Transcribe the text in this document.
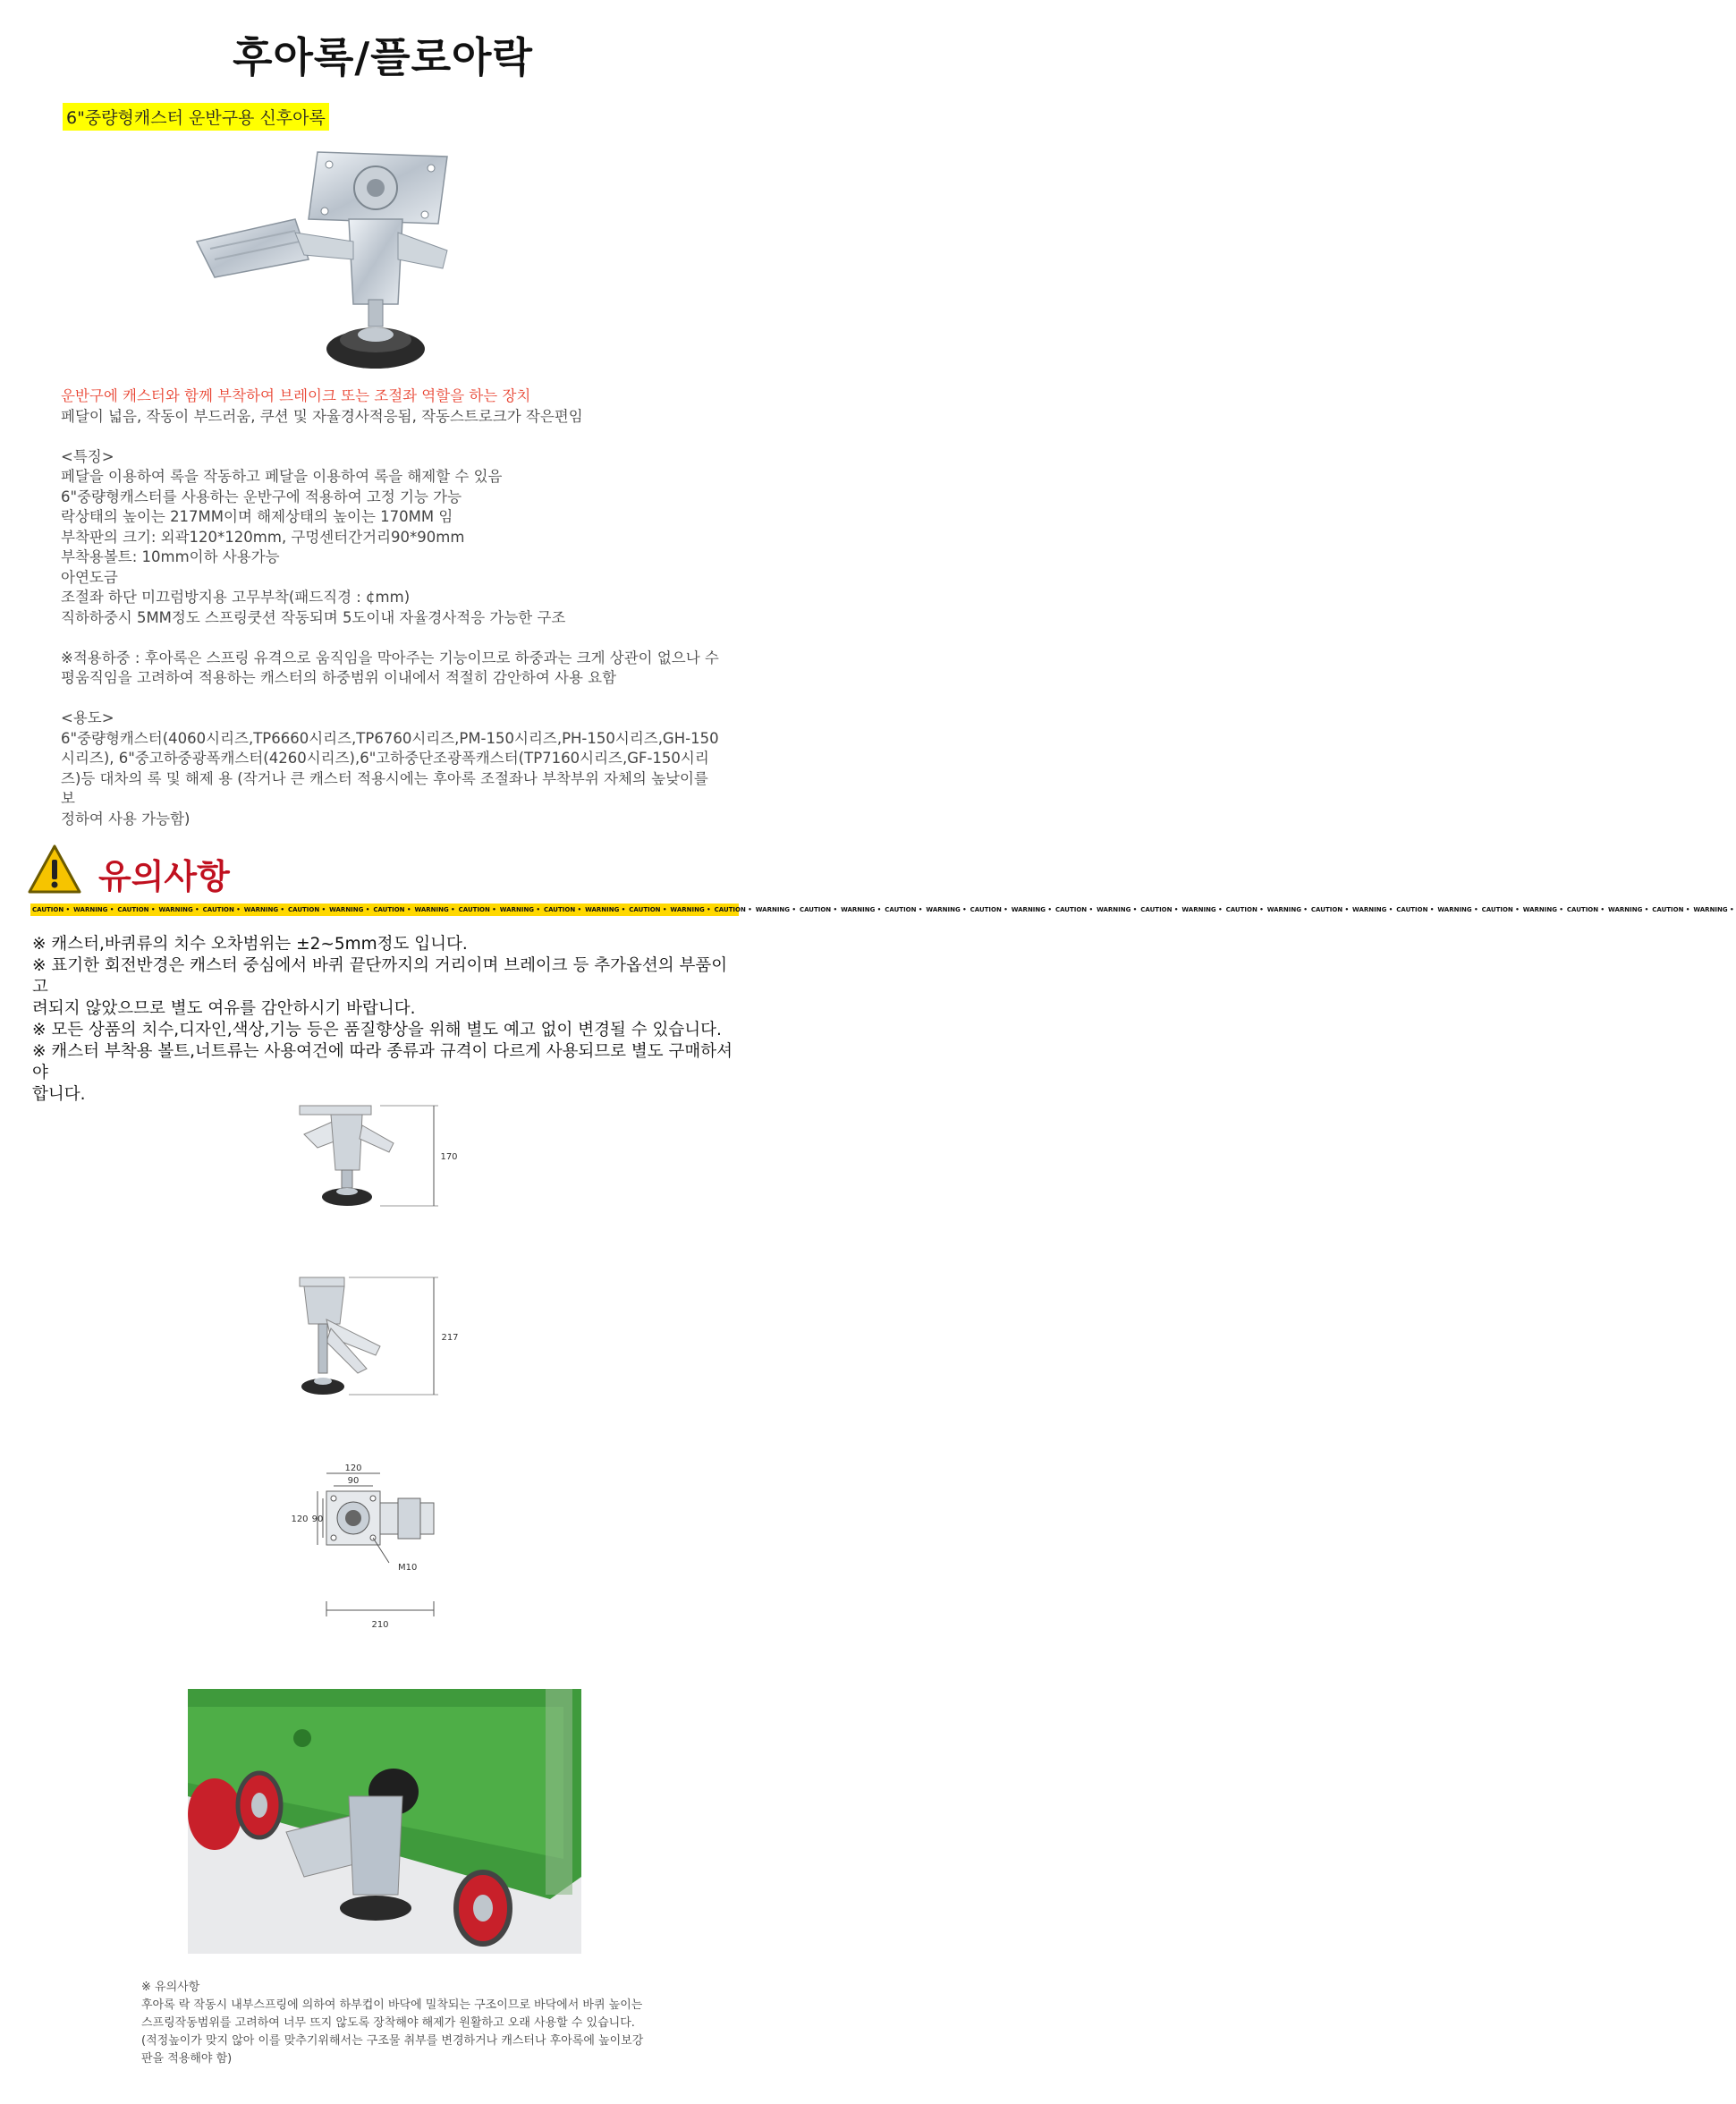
후아록/플로아락
6"중량형캐스터 운반구용 신후아록
운반구에 캐스터와 함께 부착하여 브레이크 또는 조절좌 역할을 하는 장치
페달이 넓음, 작동이 부드러움, 쿠션 및 자율경사적응됨, 작동스트로크가 작은편임
<특징>
페달을 이용하여 록을 작동하고 페달을 이용하여 록을 해제할 수 있음
6"중량형캐스터를 사용하는 운반구에 적용하여 고정 기능 가능
락상태의 높이는 217MM이며 해제상태의 높이는 170MM 임
부착판의 크기: 외곽120*120mm, 구멍센터간거리90*90mm
부착용볼트: 10mm이하 사용가능
아연도금
조절좌 하단 미끄럼방지용 고무부착(패드직경 : ¢mm)
직하하중시 5MM정도 스프링쿳션 작동되며 5도이내 자율경사적응 가능한 구조
※적용하중 : 후아록은 스프링 유격으로 움직임을 막아주는 기능이므로 하중과는 크게 상관이 없으나 수
평움직임을 고려하여 적용하는 캐스터의 하중범위 이내에서 적절히 감안하여 사용 요함
<용도>
6"중량형캐스터(4060시리즈,TP6660시리즈,TP6760시리즈,PM-150시리즈,PH-150시리즈,GH-150
시리즈), 6"중고하중광폭캐스터(4260시리즈),6"고하중단조광폭캐스터(TP7160시리즈,GF-150시리
즈)등 대차의 록 및 해제 용 (작거나 큰 캐스터 적용시에는 후아록 조절좌나 부착부위 자체의 높낮이를 보
정하여 사용 가능함)
유의사항
CAUTION • WARNING • CAUTION • WARNING • CAUTION • WARNING • CAUTION • WARNING • CAUTION • WARNING • CAUTION • WARNING • CAUTION • WARNING • CAUTION • WARNING • CAUTION • WARNING • CAUTION • WARNING • CAUTION • WARNING • CAUTION • WARNING • CAUTION • WARNING • CAUTION • WARNING • CAUTION • WARNING • CAUTION • WARNING • CAUTION • WARNING • CAUTION • WARNING • CAUTION • WARNING • CAUTION • WARNING •
※ 캐스터,바퀴류의 치수 오차범위는 ±2~5mm정도 입니다.
※ 표기한 회전반경은 캐스터 중심에서 바퀴 끝단까지의 거리이며 브레이크 등 추가옵션의 부품이 고
려되지 않았으므로 별도 여유를 감안하시기 바랍니다.
※ 모든 상품의 치수,디자인,색상,기능 등은 품질향상을 위해 별도 예고 없이 변경될 수 있습니다.
※ 캐스터 부착용 볼트,너트류는 사용여건에 따라 종류과 규격이 다르게 사용되므로 별도 구매하셔야
합니다.
170
217
120
90
120 90
M10
210
※ 유의사항
후아록 락 작동시 내부스프링에 의하여 하부컵이 바닥에 밀착되는 구조이므로 바닥에서 바퀴 높이는
스프링작동범위를 고려하여 너무 뜨지 않도록 장착해야 해제가 원활하고 오래 사용할 수 있습니다.
(적정높이가 맞지 않아 이를 맞추기위해서는 구조물 취부를 변경하거나 캐스터나 후아록에 높이보강
판을 적용해야 함)
